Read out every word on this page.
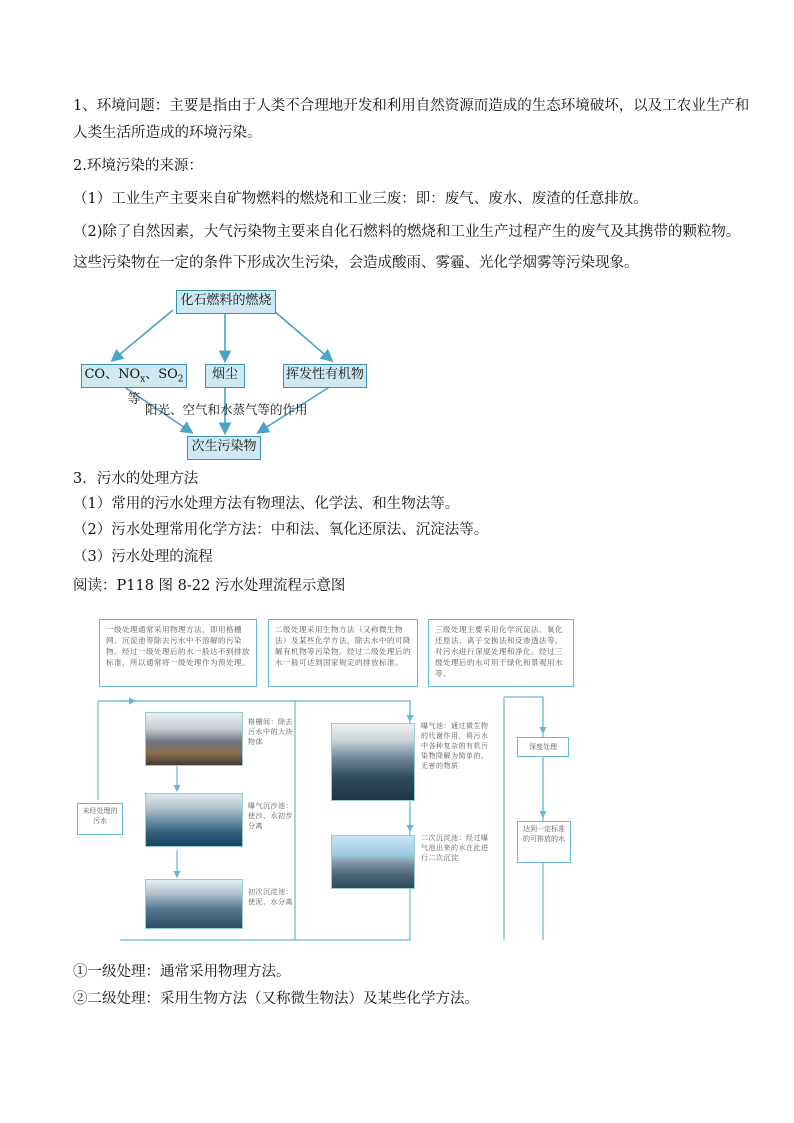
1、环境问题：主要是指由于人类不合理地开发和利用自然资源而造成的生态环境破坏，以及工农业生产和
人类生活所造成的环境污染。
2.环境污染的来源：
（1）工业生产主要来自矿物燃料的燃烧和工业三废：即：废气、废水、废渣的任意排放。
（2)除了自然因素，大气污染物主要来自化石燃料的燃烧和工业生产过程产生的废气及其携带的颗粒物。
这些污染物在一定的条件下形成次生污染，会造成酸雨、雾霾、光化学烟雾等污染现象。
化石燃料的燃烧
CO、$NO_x$、$SO_2$等
烟尘	挥发性有机物
阳光、空气和水蒸气等的作用
次生污染物
3．污水的处理方法
（1）常用的污水处理方法有物理法、化学法、和生物法等。
（2）污水处理常用化学方法：中和法、氧化还原法、沉淀法等。
（3）污水处理的流程
阅读：P118 图 8-22 污水处理流程示意图
一级处理通常采用物理方法，即用格栅网、沉淀池等除去污水中不溶解的污染物。经过一级处理后的水一般达不到排放标准，所以通常将一级处理作为预处理。
二级处理采用生物方法（又称微生物法）及某些化学方法，除去水中的可降解有机物等污染物。经过二级处理后的水一般可达到国家规定的排放标准。
三级处理主要采用化学沉淀法、氧化还原法、离子交换法和反渗透法等，对污水进行深度处理和净化。经过三级处理后的水可用于绿化和景观用水等。
未经处理的污水
格栅间：除去污水中的大块物体
曝气沉沙池：使沙、水初步分离
初次沉淀池：使泥、水分离
曝气池：通过微生物的代谢作用，将污水中各种复杂的有机污染物降解为简单的、无害的物质
二次沉淀池：经过曝气池出来的水在此进行二次沉淀
深度处理
达到一定标准的可排放的水
①一级处理：通常采用物理方法。
②二级处理：采用生物方法（又称微生物法）及某些化学方法。
